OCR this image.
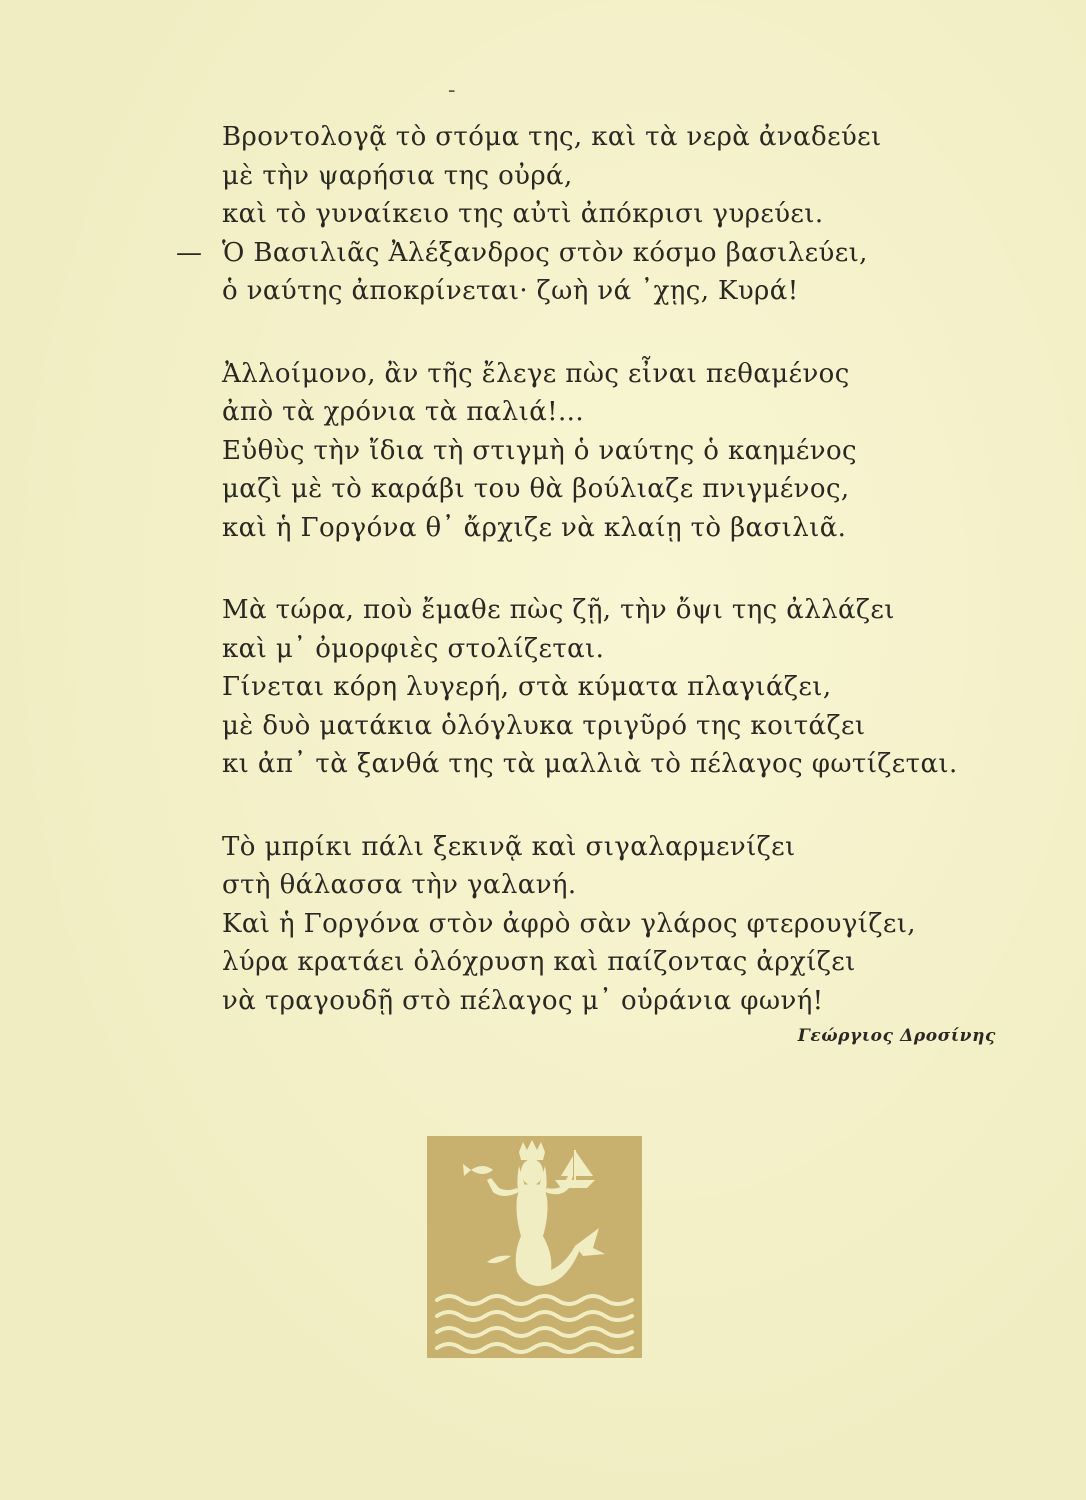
-
Βροντολογᾷ τὸ στόμα της, καὶ τὰ νερὰ ἀναδεύει
μὲ τὴν ψαρήσια της οὐρά,
καὶ τὸ γυναίκειο της αὐτὶ ἀπόκρισι γυρεύει.
— Ὁ Βασιλιᾶς Ἀλέξανδρος στὸν κόσμο βασιλεύει,
ὁ ναύτης ἀποκρίνεται· ζωὴ νά ᾽χῃς, Κυρά!
Ἀλλοίμονο, ἂν τῆς ἔλεγε πὼς εἶναι πεθαμένος
ἀπὸ τὰ χρόνια τὰ παλιά!...
Εὐθὺς τὴν ἴδια τὴ στιγμὴ ὁ ναύτης ὁ καημένος
μαζὶ μὲ τὸ καράβι του θὰ βούλιαζε πνιγμένος,
καὶ ἡ Γοργόνα θ᾽ ἄρχιζε νὰ κλαίῃ τὸ βασιλιᾶ.
Μὰ τώρα, ποὺ ἔμαθε πὼς ζῇ, τὴν ὄψι της ἀλλάζει
καὶ μ᾽ ὀμορφιὲς στολίζεται.
Γίνεται κόρη λυγερή, στὰ κύματα πλαγιάζει,
μὲ δυὸ ματάκια ὁλόγλυκα τριγῦρό της κοιτάζει
κι ἀπ᾽ τὰ ξανθά της τὰ μαλλιὰ τὸ πέλαγος φωτίζεται.
Τὸ μπρίκι πάλι ξεκινᾷ καὶ σιγαλαρμενίζει
στὴ θάλασσα τὴν γαλανή.
Καὶ ἡ Γοργόνα στὸν ἀφρὸ σὰν γλάρος φτερουγίζει,
λύρα κρατάει ὁλόχρυση καὶ παίζοντας ἀρχίζει
νὰ τραγουδῇ στὸ πέλαγος μ᾽ οὐράνια φωνή!
Γεώργιος Δροσίνης
